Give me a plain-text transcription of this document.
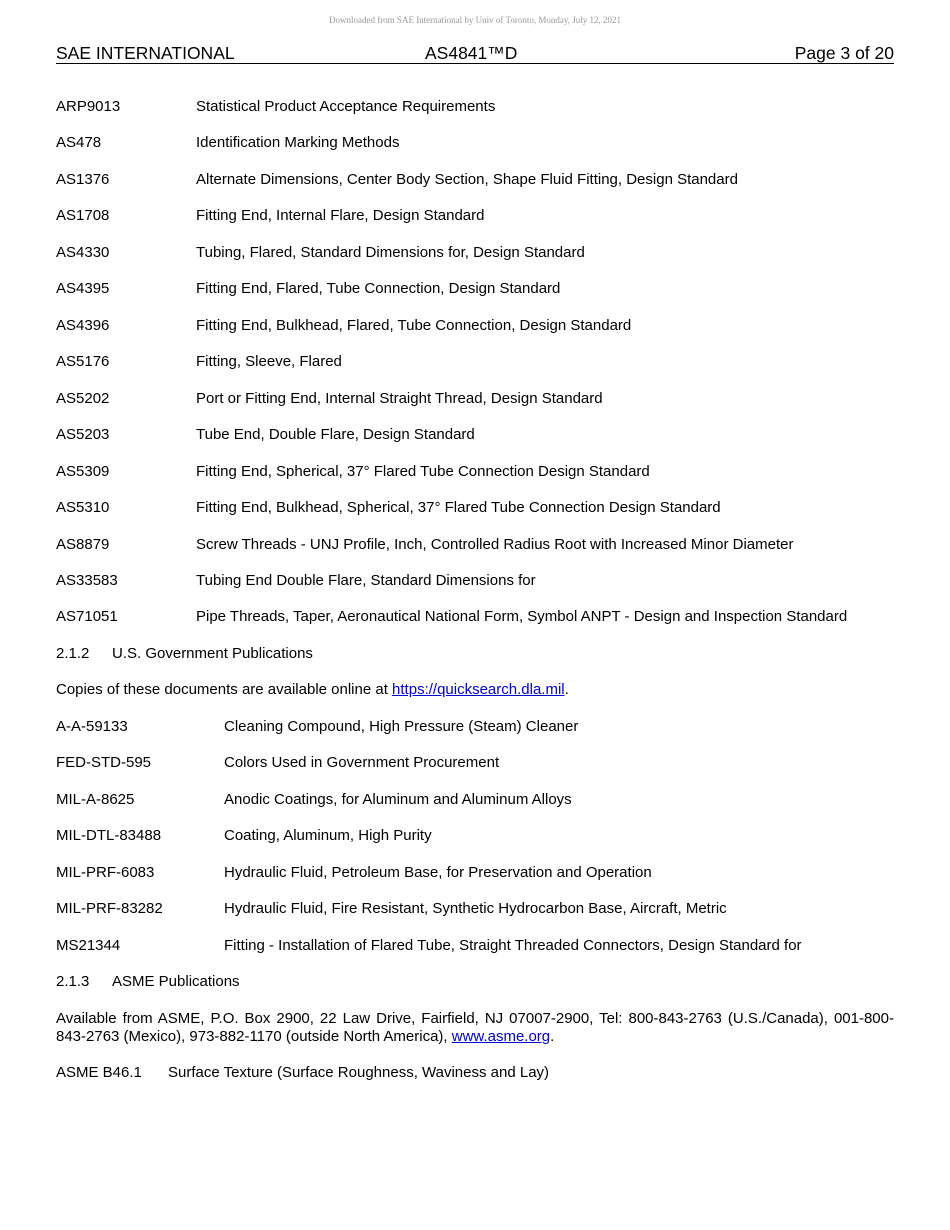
Downloaded from SAE International by Univ of Toronto, Monday, July 12, 2021
SAE INTERNATIONAL	AS4841™D	Page 3 of 20
ARP9013	Statistical Product Acceptance Requirements
AS478	Identification Marking Methods
AS1376	Alternate Dimensions, Center Body Section, Shape Fluid Fitting, Design Standard
AS1708	Fitting End, Internal Flare, Design Standard
AS4330	Tubing, Flared, Standard Dimensions for, Design Standard
AS4395	Fitting End, Flared, Tube Connection, Design Standard
AS4396	Fitting End, Bulkhead, Flared, Tube Connection, Design Standard
AS5176	Fitting, Sleeve, Flared
AS5202	Port or Fitting End, Internal Straight Thread, Design Standard
AS5203	Tube End, Double Flare, Design Standard
AS5309	Fitting End, Spherical, 37° Flared Tube Connection Design Standard
AS5310	Fitting End, Bulkhead, Spherical, 37° Flared Tube Connection Design Standard
AS8879	Screw Threads - UNJ Profile, Inch, Controlled Radius Root with Increased Minor Diameter
AS33583	Tubing End Double Flare, Standard Dimensions for
AS71051	Pipe Threads, Taper, Aeronautical National Form, Symbol ANPT - Design and Inspection Standard
2.1.2 U.S. Government Publications
Copies of these documents are available online at https://quicksearch.dla.mil.
A-A-59133	Cleaning Compound, High Pressure (Steam) Cleaner
FED-STD-595	Colors Used in Government Procurement
MIL-A-8625	Anodic Coatings, for Aluminum and Aluminum Alloys
MIL-DTL-83488	Coating, Aluminum, High Purity
MIL-PRF-6083	Hydraulic Fluid, Petroleum Base, for Preservation and Operation
MIL-PRF-83282	Hydraulic Fluid, Fire Resistant, Synthetic Hydrocarbon Base, Aircraft, Metric
MS21344	Fitting - Installation of Flared Tube, Straight Threaded Connectors, Design Standard for
2.1.3 ASME Publications
Available from ASME, P.O. Box 2900, 22 Law Drive, Fairfield, NJ 07007-2900, Tel: 800-843-2763 (U.S./Canada), 001-800-843-2763 (Mexico), 973-882-1170 (outside North America), www.asme.org.
ASME B46.1 Surface Texture (Surface Roughness, Waviness and Lay)
